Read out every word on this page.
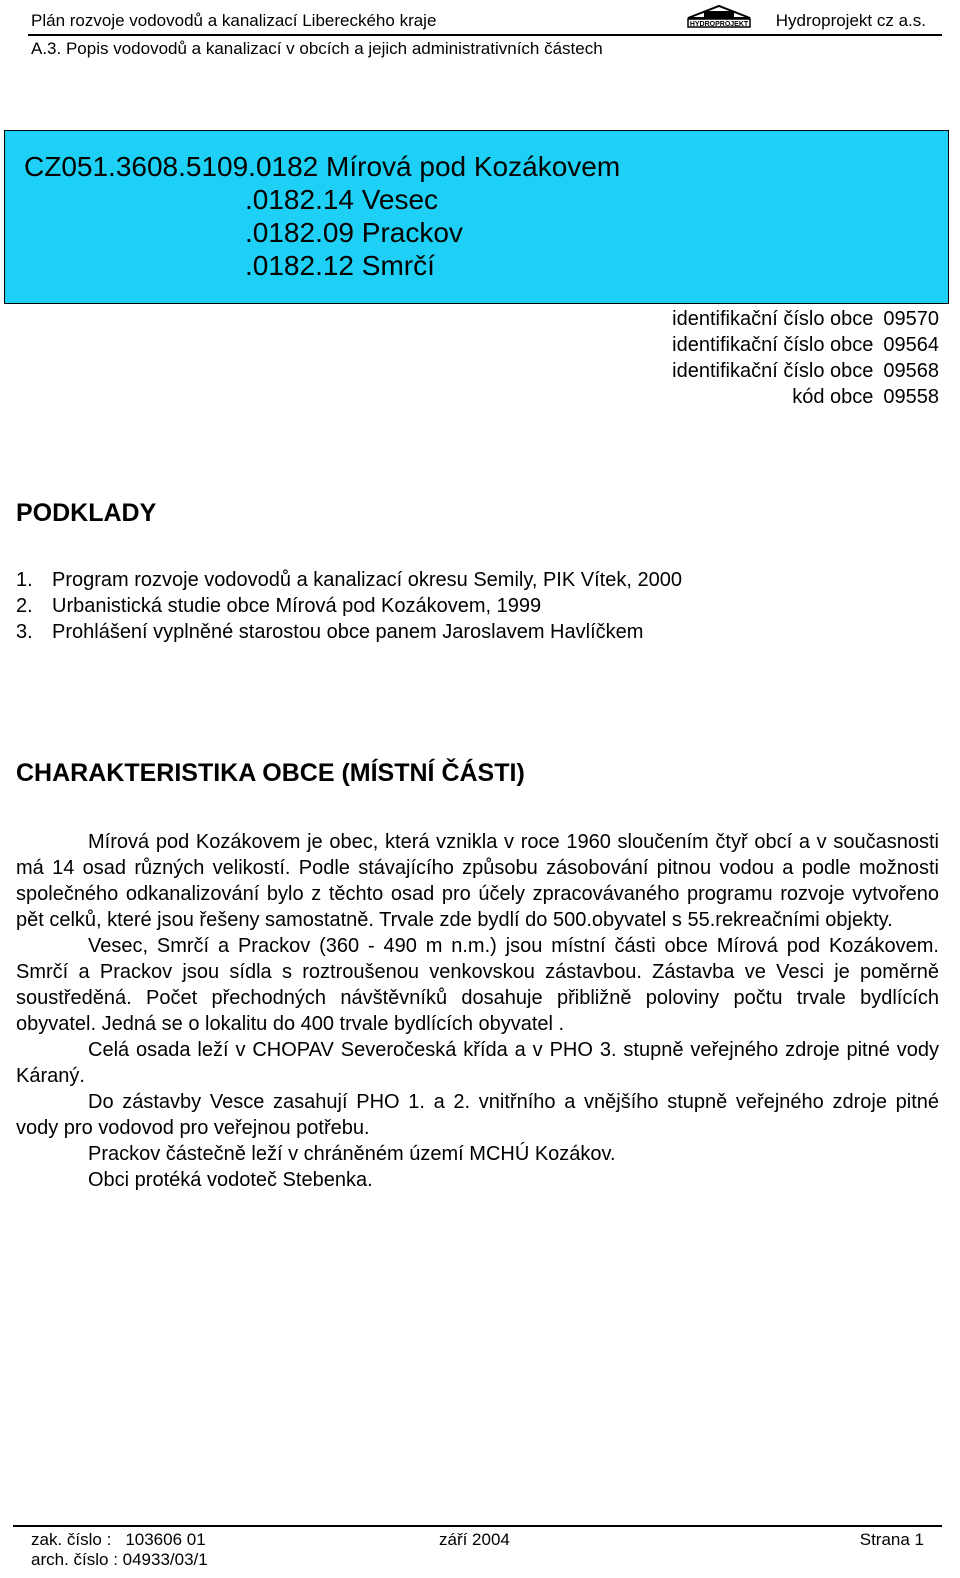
Plán rozvoje vodovodů a kanalizací Libereckého kraje	HYDROPROJEKT Hydroprojekt cz a.s.
A.3. Popis vodovodů a kanalizací v obcích a jejich administrativních částech
CZ051.3608.5109.0182 Mírová pod Kozákovem
.0182.14 Vesec
.0182.09 Prackov
.0182.12 Smrčí
identifikační číslo obce 09570
identifikační číslo obce 09564
identifikační číslo obce 09568
kód obce 09558
PODKLADY
1. Program rozvoje vodovodů a kanalizací okresu Semily, PIK Vítek, 2000
2. Urbanistická studie obce Mírová pod Kozákovem, 1999
3. Prohlášení vyplněné starostou obce panem Jaroslavem Havlíčkem
CHARAKTERISTIKA OBCE (MÍSTNÍ ČÁSTI)

Mírová pod Kozákovem je obec, která vznikla v roce 1960 sloučením čtyř obcí a v současnosti má 14 osad různých velikostí. Podle stávajícího způsobu zásobování pitnou vodou a podle možnosti společného odkanalizování bylo z těchto osad pro účely zpracovávaného programu rozvoje vytvořeno pět celků, které jsou řešeny samostatně. Trvale zde bydlí do 500.obyvatel s 55.rekreačními objekty.

Vesec, Smrčí a Prackov (360 - 490 m n.m.) jsou místní části obce Mírová pod Kozákovem. Smrčí a Prackov jsou sídla s roztroušenou venkovskou zástavbou. Zástavba ve Vesci je poměrně soustředěná. Počet přechodných návštěvníků dosahuje přibližně poloviny počtu trvale bydlících obyvatel. Jedná se o lokalitu do 400 trvale bydlících obyvatel .

Celá osada leží v CHOPAV Severočeská křída a v PHO 3. stupně veřejného zdroje pitné vody Káraný.

Do zástavby Vesce zasahují PHO 1. a 2. vnitřního a vnějšího stupně veřejného zdroje pitné vody pro vodovod pro veřejnou potřebu.

Prackov částečně leží v chráněném území MCHÚ Kozákov.

Obci protéká vodoteč Stebenka.

zak. číslo : 103606 01	září 2004	Strana 1
arch. číslo : 04933/03/1
